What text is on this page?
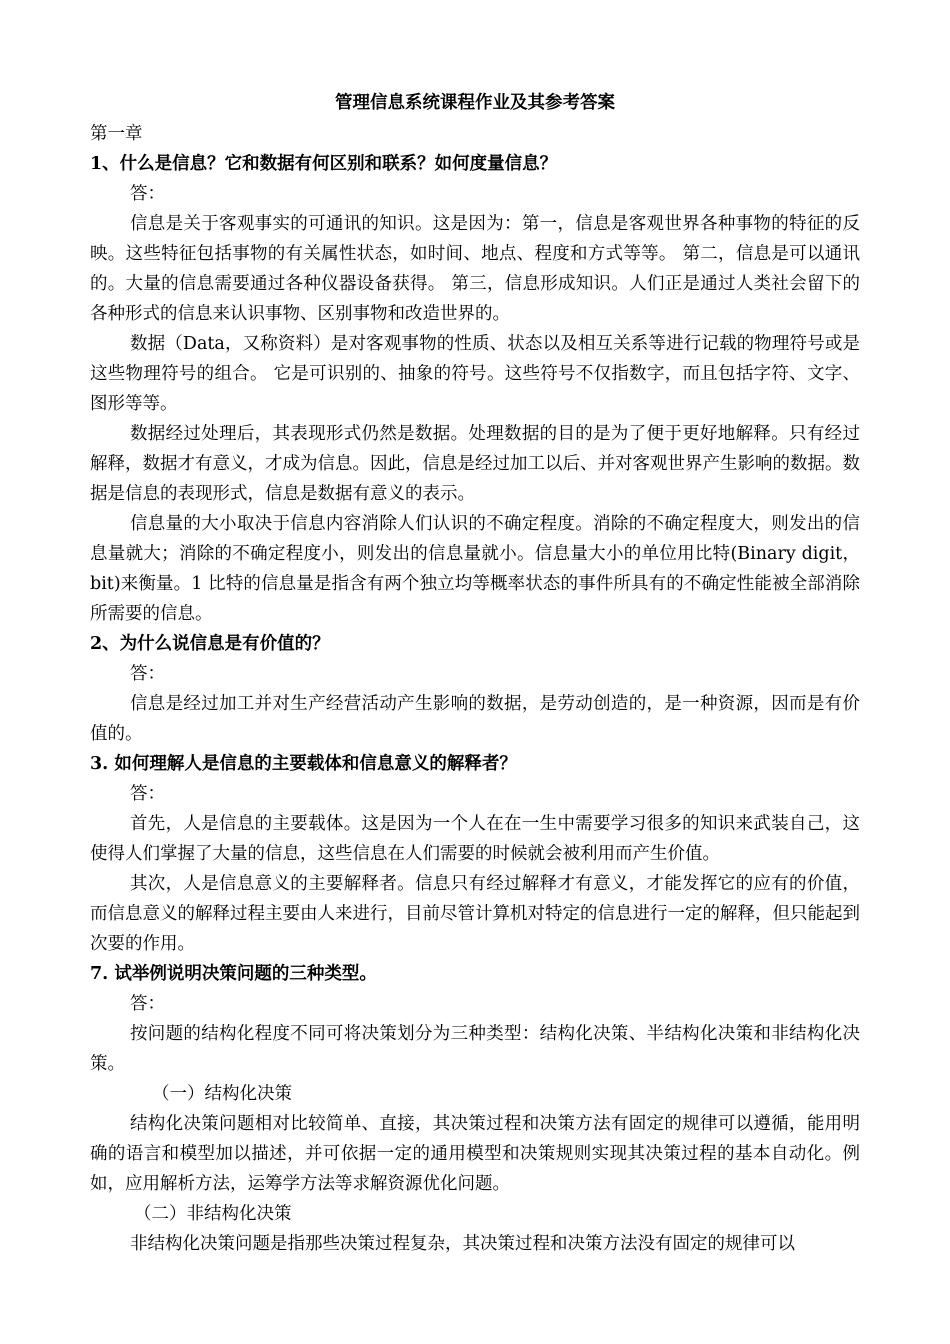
管理信息系统课程作业及其参考答案

第一章

1、什么是信息？它和数据有何区别和联系？如何度量信息？

答：

信息是关于客观事实的可通讯的知识。这是因为：第一，信息是客观世界各种事物的特征的反映。这些特征包括事物的有关属性状态，如时间、地点、程度和方式等等。 第二，信息是可以通讯的。大量的信息需要通过各种仪器设备获得。 第三，信息形成知识。人们正是通过人类社会留下的各种形式的信息来认识事物、区别事物和改造世界的。

数据（Data，又称资料）是对客观事物的性质、状态以及相互关系等进行记载的物理符号或是这些物理符号的组合。 它是可识别的、抽象的符号。这些符号不仅指数字，而且包括字符、文字、图形等等。

数据经过处理后，其表现形式仍然是数据。处理数据的目的是为了便于更好地解释。只有经过解释，数据才有意义，才成为信息。因此，信息是经过加工以后、并对客观世界产生影响的数据。数据是信息的表现形式，信息是数据有意义的表示。

信息量的大小取决于信息内容消除人们认识的不确定程度。消除的不确定程度大，则发出的信息量就大；消除的不确定程度小，则发出的信息量就小。信息量大小的单位用比特(Binary digit，bit)来衡量。1 比特的信息量是指含有两个独立均等概率状态的事件所具有的不确定性能被全部消除所需要的信息。

2、为什么说信息是有价值的？

答：

信息是经过加工并对生产经营活动产生影响的数据，是劳动创造的，是一种资源，因而是有价值的。

3. 如何理解人是信息的主要载体和信息意义的解释者？

答：

首先，人是信息的主要载体。这是因为一个人在在一生中需要学习很多的知识来武装自己，这使得人们掌握了大量的信息，这些信息在人们需要的时候就会被利用而产生价值。

其次，人是信息意义的主要解释者。信息只有经过解释才有意义，才能发挥它的应有的价值，而信息意义的解释过程主要由人来进行，目前尽管计算机对特定的信息进行一定的解释，但只能起到次要的作用。

7. 试举例说明决策问题的三种类型。

答：

按问题的结构化程度不同可将决策划分为三种类型：结构化决策、半结构化决策和非结构化决策。

（一）结构化决策

结构化决策问题相对比较简单、直接，其决策过程和决策方法有固定的规律可以遵循，能用明确的语言和模型加以描述，并可依据一定的通用模型和决策规则实现其决策过程的基本自动化。例如，应用解析方法，运筹学方法等求解资源优化问题。

（二）非结构化决策

非结构化决策问题是指那些决策过程复杂，其决策过程和决策方法没有固定的规律可以
